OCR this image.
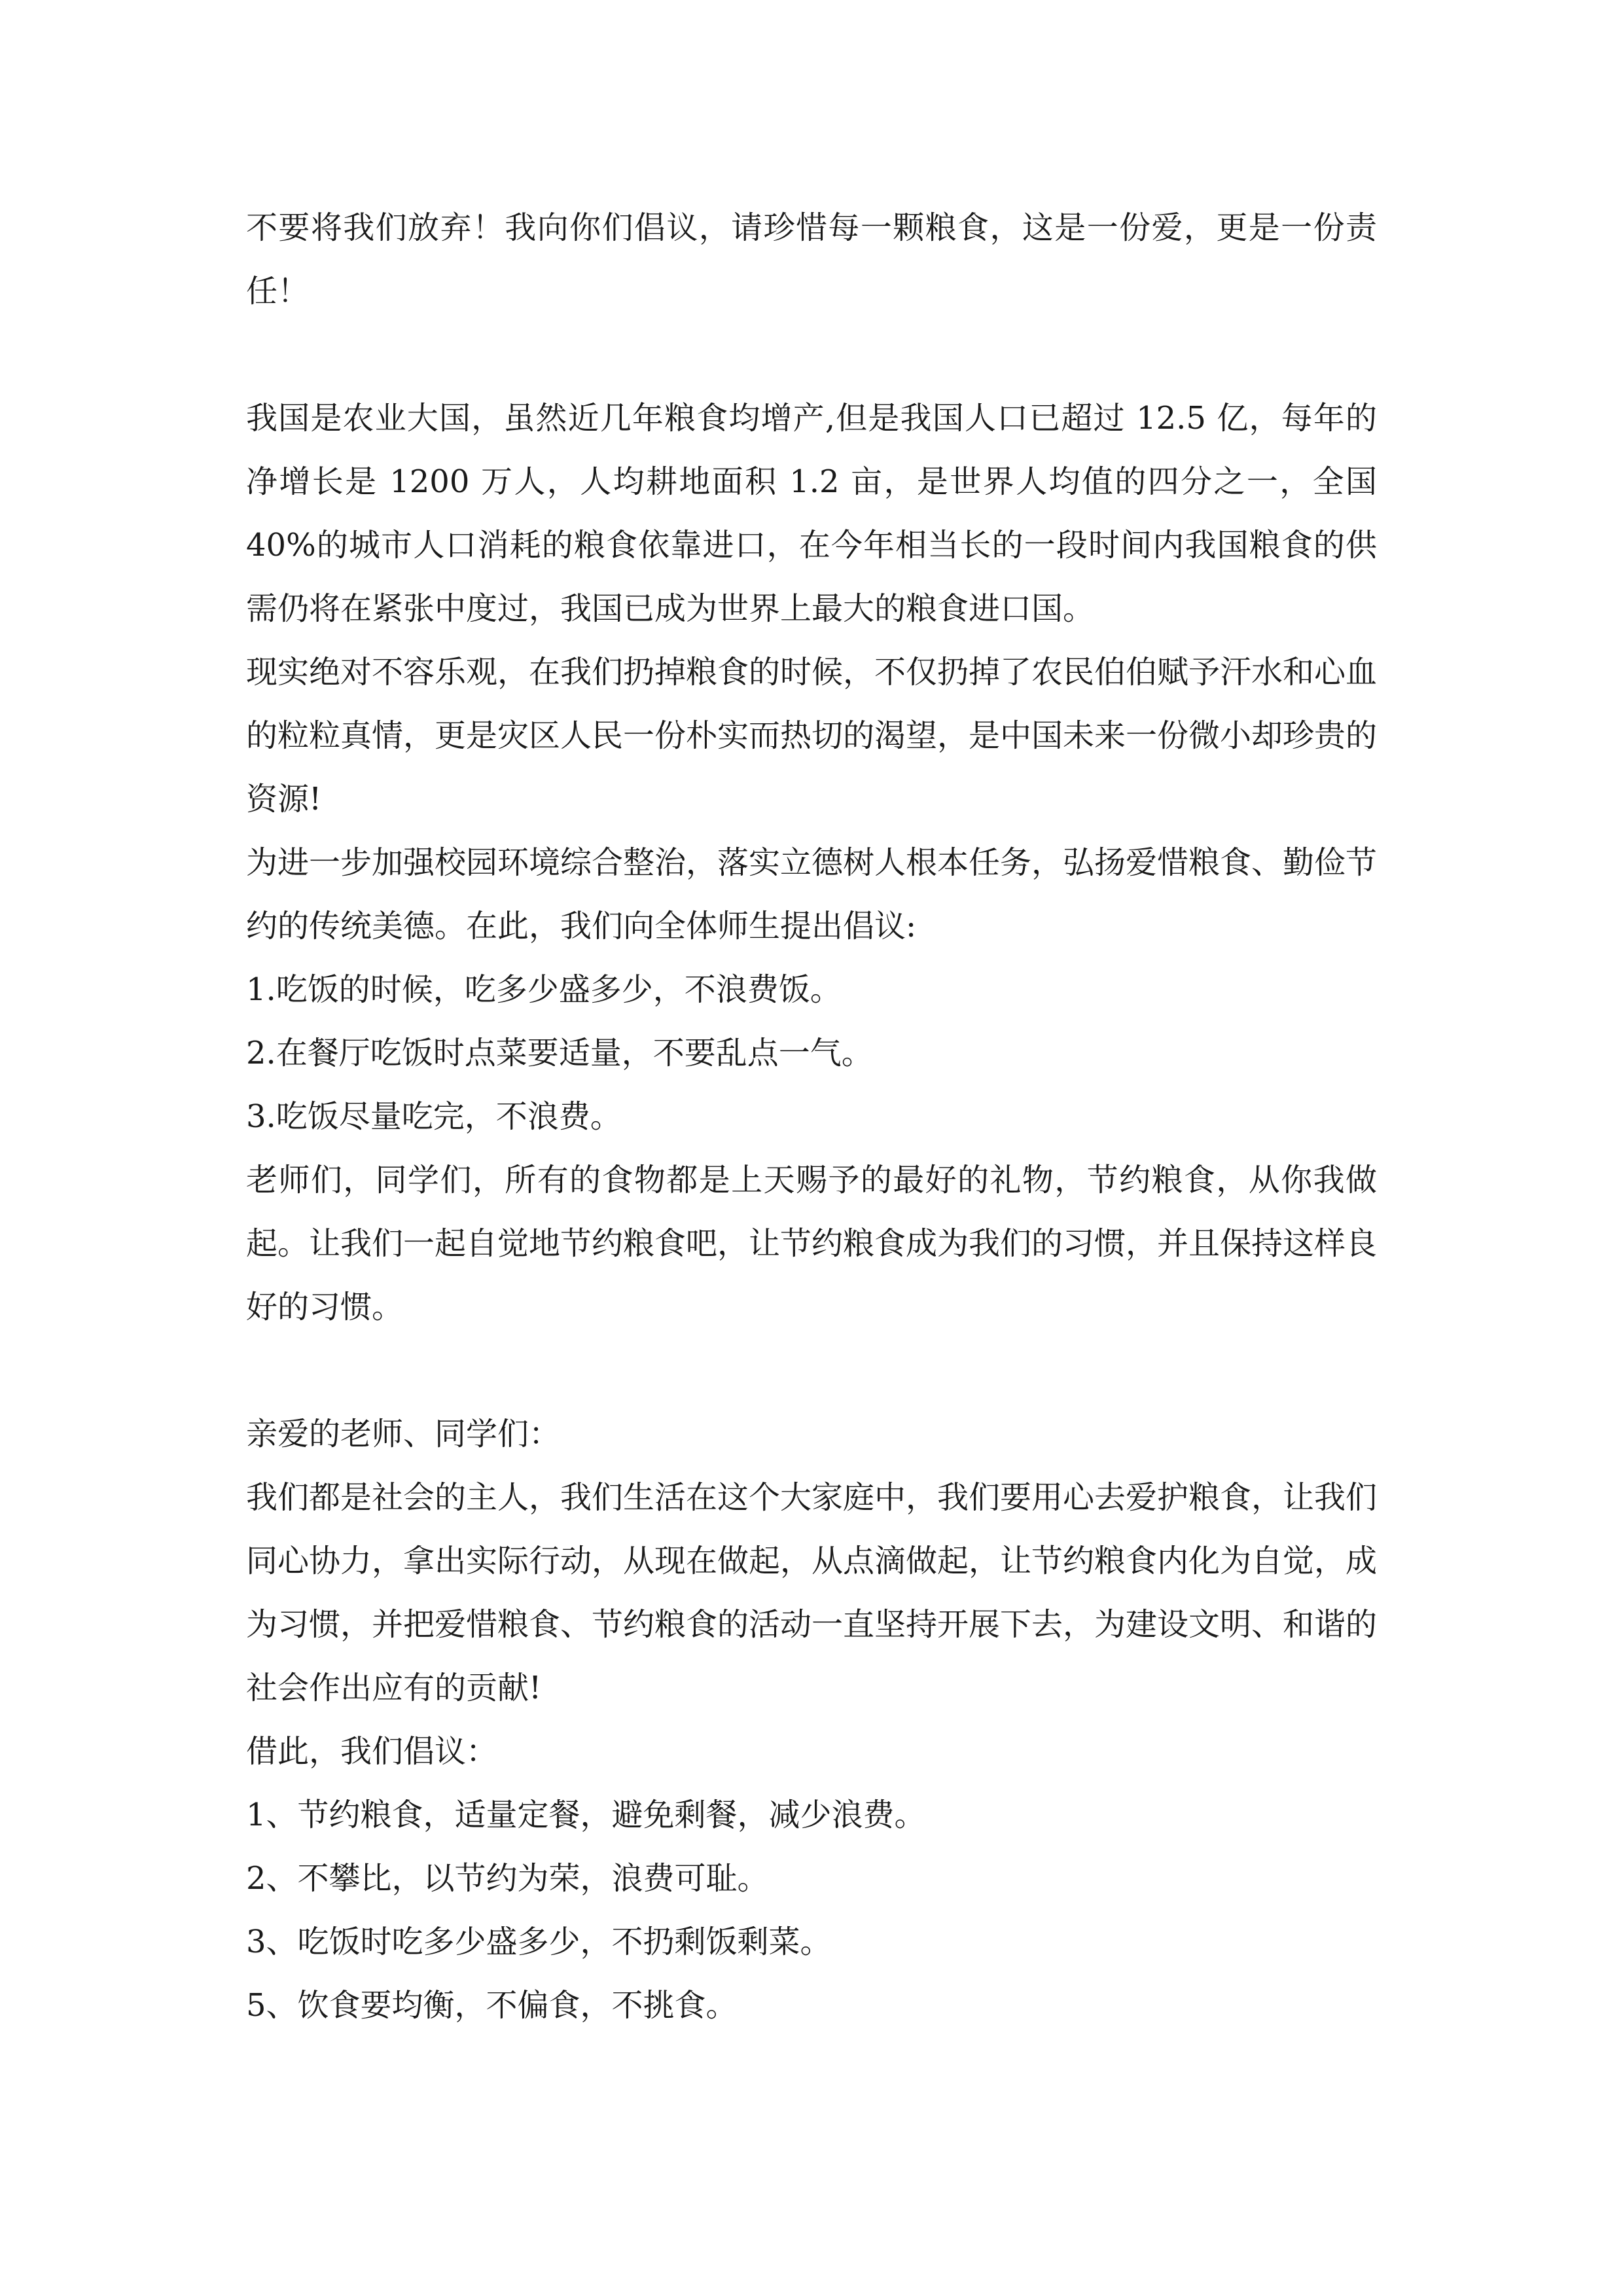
不要将我们放弃！我向你们倡议，请珍惜每一颗粮食，这是一份爱，更是一份责任！

我国是农业大国，虽然近几年粮食均增产,但是我国人口已超过 12.5 亿，每年的净增长是 1200 万人，人均耕地面积 1.2 亩，是世界人均值的四分之一，全国 40%的城市人口消耗的粮食依靠进口，在今年相当长的一段时间内我国粮食的供需仍将在紧张中度过，我国已成为世界上最大的粮食进口国。

现实绝对不容乐观，在我们扔掉粮食的时候，不仅扔掉了农民伯伯赋予汗水和心血的粒粒真情，更是灾区人民一份朴实而热切的渴望，是中国未来一份微小却珍贵的资源!

为进一步加强校园环境综合整治，落实立德树人根本任务，弘扬爱惜粮食、勤俭节约的传统美德。在此，我们向全体师生提出倡议:

1.吃饭的时候，吃多少盛多少，不浪费饭。

2.在餐厅吃饭时点菜要适量，不要乱点一气。

3.吃饭尽量吃完，不浪费。

老师们，同学们，所有的食物都是上天赐予的最好的礼物，节约粮食，从你我做起。让我们一起自觉地节约粮食吧，让节约粮食成为我们的习惯，并且保持这样良好的习惯。

亲爱的老师、同学们：

我们都是社会的主人，我们生活在这个大家庭中，我们要用心去爱护粮食，让我们同心协力，拿出实际行动，从现在做起，从点滴做起，让节约粮食内化为自觉，成为习惯，并把爱惜粮食、节约粮食的活动一直坚持开展下去，为建设文明、和谐的社会作出应有的贡献!

借此，我们倡议：

1、节约粮食，适量定餐，避免剩餐，减少浪费。

2、不攀比，以节约为荣，浪费可耻。

3、吃饭时吃多少盛多少，不扔剩饭剩菜。

5、饮食要均衡，不偏食，不挑食。
